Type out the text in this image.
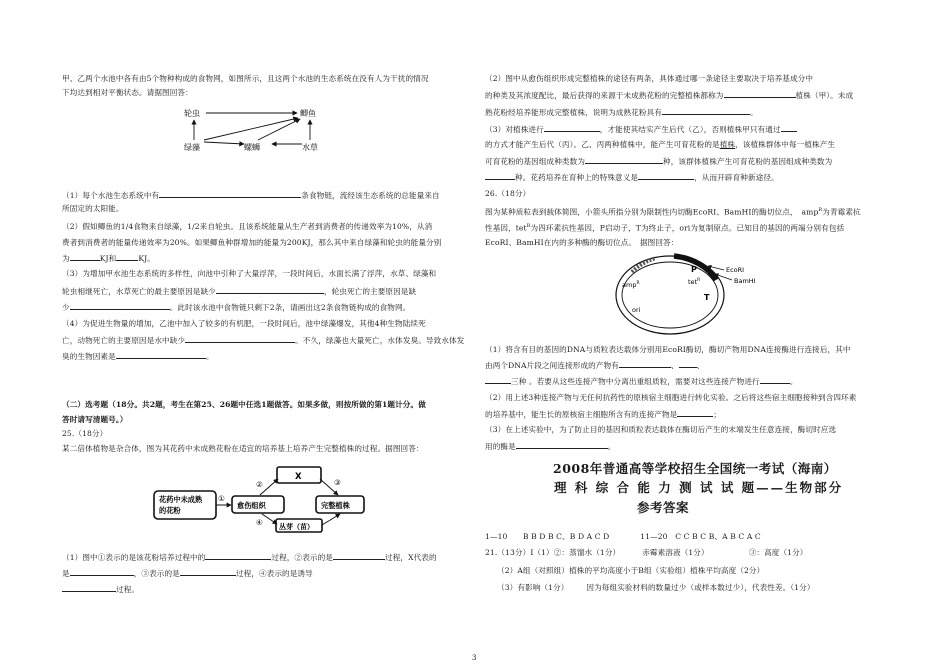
甲、乙两个水池中各有由5个物种构成的食物网，如图所示，且这两个水池的生态系统在没有人为干扰的情况
下均达到相对平衡状态。请据图回答：
轮虫	鲫鱼
绿藻	螺蛳	水草
（1）每个水池生态系统中有	条食物链，流经该生态系统的总能量来自
所固定的太阳能。
（2）假如鲫鱼的1/4食物来自绿藻，1/2来自轮虫。且该系统能量从生产者到消费者的传递效率为10%，从消
费者到消费者的能量传递效率为20%。如果鲫鱼种群增加的能量为200KJ，那么其中来自绿藻和轮虫的能量分别
为	KJ和	KJ。
（3）为增加甲水池生态系统的多样性，向池中引种了大量浮萍，一段时间后，水面长满了浮萍，水草、绿藻和
轮虫相继死亡，水草死亡的最主要原因是缺少	，轮虫死亡的主要原因是缺
少	。此时该水池中食物链只剩下2条，请画出这2条食物链构成的食物网。
（4）为促进生物量的增加，乙池中加入了较多的有机肥，一段时间后，池中绿藻爆发，其他4种生物陆续死
亡，动物死亡的主要原因是水中缺少	。不久，绿藻也大量死亡，水体发臭。导致水体发
臭的生物因素是	。
（二）选考题（18分。共2题，考生在第25、26题中任选1题做答。如果多做，则按所做的第1题计分。做
答时请写清题号。）
25.（18分）
某二倍体植物是杂合体，图为其花药中未成熟花粉在适宜的培养基上培养产生完整植株的过程。据图回答：
花药中未成熟
的花粉
愈伤组织
X
完整植株
丛芽（苗）
①
②	③
④
（1）图中①表示的是该花粉培养过程中的	过程，②表示的是	过程，X代表的
是	，③表示的是	过程，④表示的是诱导
过程。
（2）图中从愈伤组织形成完整植株的途径有两条，具体通过哪一条途径主要取决于培养基成分中
的种类及其浓度配比，最后获得的来源于未成熟花粉的完整植株都称为	植株（甲）。未成
熟花粉经培养能形成完整植株，说明为成熟花粉具有	。
（3）对植株进行	，才能使其结实产生后代（乙），否则植株甲只有通过
的方式才能产生后代（丙）。乙、丙两种植株中，能产生可育花粉的是植株，该植株群体中每一植株产生
可育花粉的基因组成种类数为	种，该群体植株产生可育花粉的基因组成种类数为
种。花药培养在育种上的特殊意义是	，从而开辟育种新途径。
26.（18分）
图为某种质粒表到载体简图，小箭头所指分别为限制性内切酶EcoRI、BamHI的酶切位点，　 amp$^R$为青霉素抗
性基因，tet$^R$为四环素抗性基因，P启动子，T为终止子，ori为复制原点。已知目的基因的两端分别有包括
EcoRI、BamHI在内的多种酶的酶切位点。　 据图回答：
P	EcoRI
BamHI
tet$^R$
T
amp$^R$
ori
（1）将含有目的基因的DNA与质粒表达载体分别用EcoRI酶切，酶切产物用DNA连接酶进行连接后，其中
由两个DNA片段之间连接形成的产物有	、 、
三种 。若要从这些连接产物中分离出重组质粒，需要对这些连接产物进行	。
（2）用上述3种连接产物与无任何抗药性的原核宿主细胞进行转化实验。之后将这些宿主细胞接种到含四环素
的培养基中，能生长的原核宿主细胞所含有的连接产物是	；
（3）在上述实验中，为了防止目的基因和质粒表达载体在酶切后产生的末端发生任意连接，酶切时应选
用的酶是	。
2008年普通高等学校招生全国统一考试（海南）
理 科 综 合 能 力 测 试 试 题——生物部分
参考答案
1—10　　B B D B C、B D A C D　　　　11—20　C C B C B、A B C A C
21.（13分）Ⅰ（1）②：蒸馏水（1分）	赤霉素溶液（1分）	③：高度（1分）
（2）A组（对照组）植株的平均高度小于B组（实验组）植株平均高度（2分）
（3）有影响（1分） 因为每组实验材料的数量过少（或样本数过少），代表性差。（1分）
3
